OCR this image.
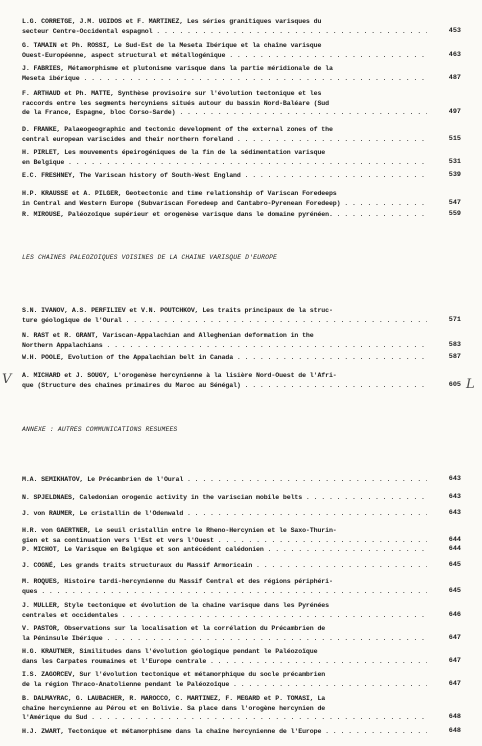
L.G. CORRETGE, J.M. UGIDOS et F. MARTINEZ, Les séries granitiques varisques du
secteur Centre-Occidental espagnol . . .	453
G. TAMAIN et Ph. ROSSI, Le Sud-Est de la Meseta Ibérique et la chaîne varisque
Ouest-Européenne, aspect structural et métallogénique . . .	463
J. FABRIES, Métamorphisme et plutonisme varisque dans la partie méridionale de la
Meseta ibérique . . .	487
F. ARTHAUD et Ph. MATTE, Synthèse provisoire sur l'évolution tectonique et les
raccords entre les segments hercyniens situés autour du bassin Nord-Baléare (Sud
de la France, Espagne, bloc Corso-Sarde) . . .	497
D. FRANKE, Palaeogeographic and tectonic development of the external zones of the
central european variscides and their northern foreland . . .	515
H. PIRLET, Les mouvements épeirogéniques de la fin de la sédimentation varisque
en Belgique . . .	531
E.C. FRESHNEY, The Variscan history of South-West England . . .	539
H.P. KRAUSSE et A. PILGER, Geotectonic and time relationship of Variscan Foredeeps
in Central and Western Europe (Subvariscan Foredeep and Cantabro-Pyrenean Foredeep) . . .	547
R. MIROUSE, Paléozoïque supérieur et orogenèse varisque dans le domaine pyrénéen. . . .	559
LES CHAINES PALEOZOIQUES VOISINES DE LA CHAINE VARISQUE D'EUROPE
S.N. IVANOV, A.S. PERFILIEV et V.N. POUTCHKOV, Les traits principaux de la struc-
ture géologique de l'Oural . . .	571
N. RAST et R. GRANT, Variscan-Appalachian and Alleghenian deformation in the
Northern Appalachians . . .	583
W.H. POOLE, Evolution of the Appalachian belt in Canada . . .	587
A. MICHARD et J. SOUGY, L'orogenèse hercynienne à la lisière Nord-Ouest de l'Afri-
que (Structure des chaînes primaires du Maroc au Sénégal) . . .	605
ANNEXE : AUTRES COMMUNICATIONS RESUMEES
M.A. SEMIKHATOV, Le Précambrien de l'Oural . . .	643
N. SPJELDNAES, Caledonian orogenic activity in the variscian mobile belts . . .	643
J. von RAUMER, Le cristallin de l'Odenwald . . .	643
H.R. von GAERTNER, Le seuil cristallin entre le Rheno-Hercynien et le Saxo-Thurin-
gien et sa continuation vers l'Est et vers l'Ouest . . .	644
P. MICHOT, Le Varisque en Belgique et son antécédent calédonien . . .	644
J. COGNÉ, Les grands traits structuraux du Massif Armoricain . . .	645
M. ROQUES, Histoire tardi-hercynienne du Massif Central et des régions périphéri-
ques . . .	645
J. MULLER, Style tectonique et évolution de la chaîne varisque dans les Pyrénées
centrales et occidentales . . .	646
V. PASTOR, Observations sur la localisation et la corrélation du Précambrien de
la Péninsule Ibérique . . .	647
H.G. KRAUTNER, Similitudes dans l'évolution géologique pendant le Paléozoïque
dans les Carpates roumaines et l'Europe centrale . . .	647
I.S. ZAGORCEV, Sur l'évolution tectonique et métamorphique du socle précambrien
de la région Thraco-Anatolienne pendant le Paléozoïque . . .	647
B. DALMAYRAC, G. LAUBACHER, R. MAROCCO, C. MARTINEZ, F. MEGARD et P. TOMASI, La
chaîne hercynienne au Pérou et en Bolivie. Sa place dans l'orogène hercynien de
l'Amérique du Sud . . .	648
H.J. ZWART, Tectonique et métamorphisme dans la chaîne hercynienne de l'Europe . . .	648
V	L
